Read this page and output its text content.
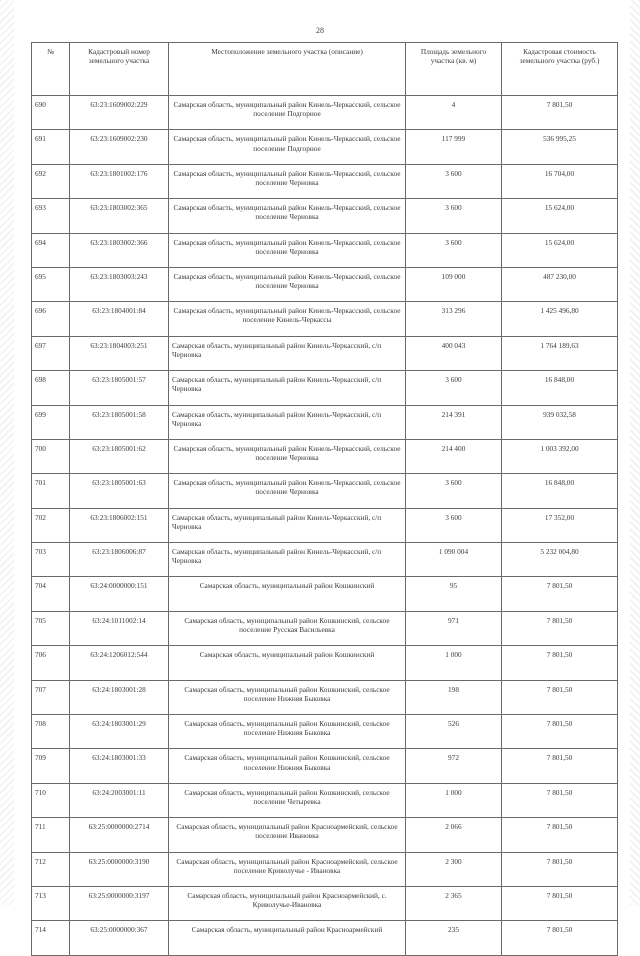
28
№	Кадастровый номер земельного участка	Местоположение земельного участка (описание)	Площадь земельного участка (кв. м)	Кадастровая стоимость земельного участка (руб.)
690	63:23:1609002:229	Самарская область, муниципальный район Кинель-Черкасский, сельское поселение Подгорное	4	7 801,50
691	63:23:1609002:230	Самарская область, муниципальный район Кинель-Черкасский, сельское поселение Подгорное	117 999	536 995,25
692	63:23:1801002:176	Самарская область, муниципальный район Кинель-Черкасский, сельское поселение Черновка	3 600	16 704,00
693	63:23:1803002:365	Самарская область, муниципальный район Кинель-Черкасский, сельское поселение Черновка	3 600	15 624,00
694	63:23:1803002:366	Самарская область, муниципальный район Кинель-Черкасский, сельское поселение Черновка	3 600	15 624,00
695	63:23:1803003:243	Самарская область, муниципальный район Кинель-Черкасский, сельское поселение Черновка	109 000	487 230,00
696	63:23:1804001:84	Самарская область, муниципальный район Кинель-Черкасский, сельское поселение Кинель-Черкассы	313 296	1 425 496,80
697	63:23:1804003:251	Самарская область, муниципальный район Кинель-Черкасский, с/п Черновка	400 043	1 764 189,63
698	63:23:1805001:57	Самарская область, муниципальный район Кинель-Черкасский, с/п Черновка	3 600	16 848,00
699	63:23:1805001:58	Самарская область, муниципальный район Кинель-Черкасский, с/п Черновка	214 391	939 032,58
700	63:23:1805001:62	Самарская область, муниципальный район Кинель-Черкасский, сельское поселение Черновка	214 400	1 003 392,00
701	63:23:1805001:63	Самарская область, муниципальный район Кинель-Черкасский, сельское поселение Черновка	3 600	16 848,00
702	63:23:1806002:151	Самарская область, муниципальный район Кинель-Черкасский, с/п Черновка	3 600	17 352,00
703	63:23:1806006:87	Самарская область, муниципальный район Кинель-Черкасский, с/п Черновка	1 090 004	5 232 004,80
704	63:24:0000000:151	Самарская область, муниципальный район Кошкинский	95	7 801,50
705	63:24:1011002:14	Самарская область, муниципальный район Кошкинский, сельское поселение Русская Васильевка	971	7 801,50
706	63:24:1206012:544	Самарская область, муниципальный район Кошкинский	1 000	7 801,50
707	63:24:1803001:28	Самарская область, муниципальный район Кошкинский, сельское поселение Нижняя Быковка	198	7 801,50
708	63:24:1803001:29	Самарская область, муниципальный район Кошкинский, сельское поселение Нижняя Быковка	526	7 801,50
709	63:24:1803001:33	Самарская область, муниципальный район Кошкинский, сельское поселение Нижняя Быковка	972	7 801,50
710	63:24:2003001:11	Самарская область, муниципальный район Кошкинский, сельское поселение Четыревка	1 000	7 801,50
711	63:25:0000000:2714	Самарская область, муниципальный район Красноармейский, сельское поселение Ивановка	2 066	7 801,50
712	63:25:0000000:3190	Самарская область, муниципальный район Красноармейский, сельское поселение Криволучье - Ивановка	2 300	7 801,50
713	63:25:0000000:3197	Самарская область, муниципальный район Красноармейский, с. Криволучье-Ивановка	2 365	7 801,50
714	63:25:0000000:367	Самарская область, муниципальный район Красноармейский	235	7 801,50
